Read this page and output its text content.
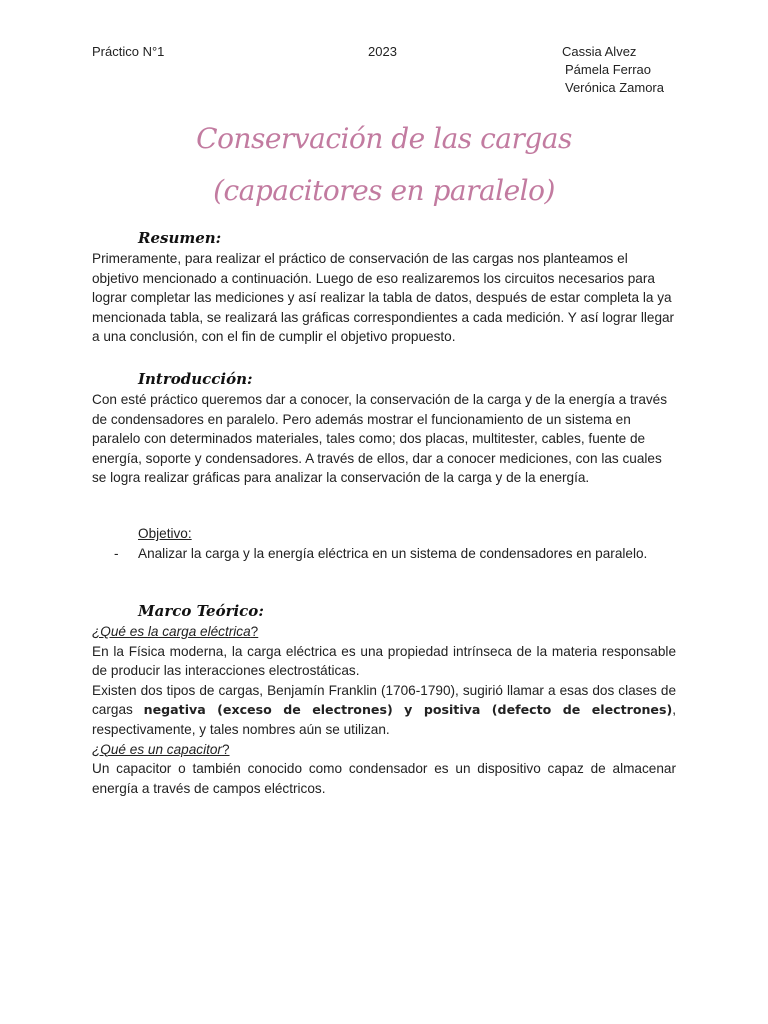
Práctico N°1	2023	Cassia Alvez
Pámela Ferrao
Verónica Zamora
Conservación de las cargas
(capacitores en paralelo)
Resumen:

Primeramente, para realizar el práctico de conservación de las cargas nos planteamos el objetivo mencionado a continuación. Luego de eso realizaremos los circuitos necesarios para lograr completar las mediciones y así realizar la tabla de datos, después de estar completa la ya mencionada tabla, se realizará las gráficas correspondientes a cada medición. Y así lograr llegar a una conclusión, con el fin de cumplir el objetivo propuesto.

Introducción:

Con esté práctico queremos dar a conocer, la conservación de la carga y de la energía a través de condensadores en paralelo. Pero además mostrar el funcionamiento de un sistema en paralelo con determinados materiales, tales como; dos placas, multitester, cables, fuente de energía, soporte y condensadores. A través de ellos, dar a conocer mediciones, con las cuales se logra realizar gráficas para analizar la conservación de la carga y de la energía.

Objetivo:
-	Analizar la carga y la energía eléctrica en un sistema de condensadores en paralelo.
Marco Teórico:
¿Qué es la carga eléctrica?

En la Física moderna, la carga eléctrica es una propiedad intrínseca de la materia responsable de producir las interacciones electrostáticas.

Existen dos tipos de cargas, Benjamín Franklin (1706-1790), sugirió llamar a esas dos clases de cargas negativa (exceso de electrones) y positiva (defecto de electrones), respectivamente, y tales nombres aún se utilizan.

¿Qué es un capacitor?

Un capacitor o también conocido como condensador es un dispositivo capaz de almacenar energía a través de campos eléctricos.
